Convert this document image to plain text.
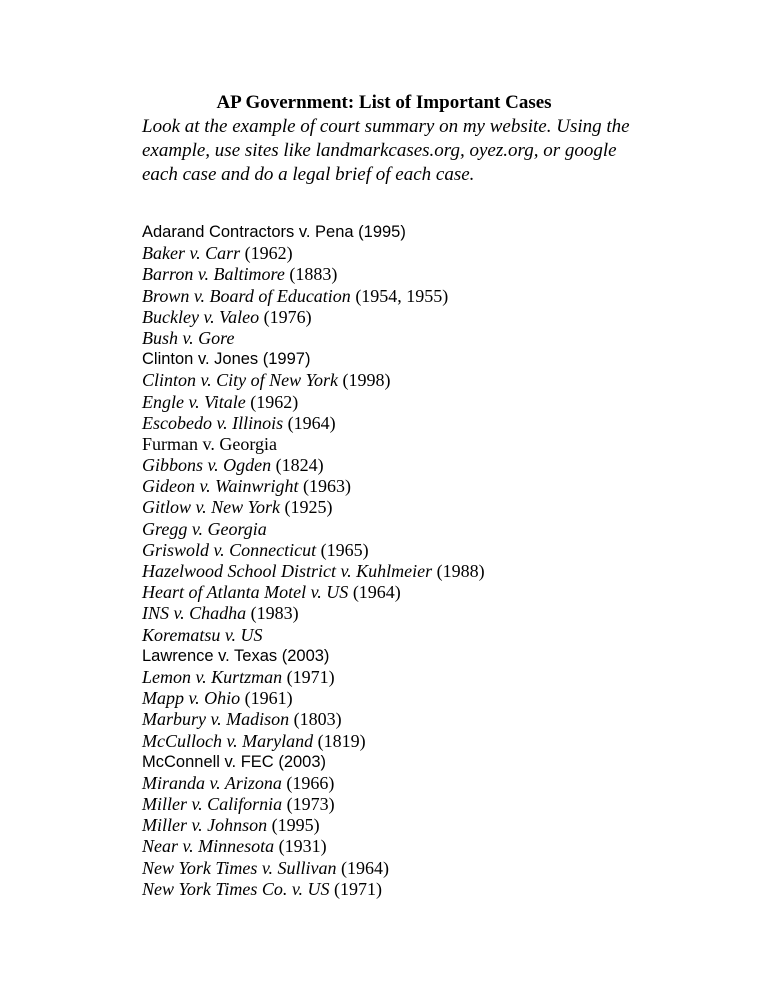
AP Government: List of Important Cases

Look at the example of court summary on my website. Using the example, use sites like landmarkcases.org, oyez.org, or google each case and do a legal brief of each case.

Adarand Contractors v. Pena (1995)
Baker v. Carr (1962)
Barron v. Baltimore (1883)
Brown v. Board of Education (1954, 1955)
Buckley v. Valeo (1976)
Bush v. Gore
Clinton v. Jones (1997)
Clinton v. City of New York (1998)
Engle v. Vitale (1962)
Escobedo v. Illinois (1964)
Furman v. Georgia
Gibbons v. Ogden (1824)
Gideon v. Wainwright (1963)
Gitlow v. New York (1925)
Gregg v. Georgia
Griswold v. Connecticut (1965)
Hazelwood School District v. Kuhlmeier (1988)
Heart of Atlanta Motel v. US (1964)
INS v. Chadha (1983)
Korematsu v. US
Lawrence v. Texas (2003)
Lemon v. Kurtzman (1971)
Mapp v. Ohio (1961)
Marbury v. Madison (1803)
McCulloch v. Maryland (1819)
McConnell v. FEC (2003)
Miranda v. Arizona (1966)
Miller v. California (1973)
Miller v. Johnson (1995)
Near v. Minnesota (1931)
New York Times v. Sullivan (1964)
New York Times Co. v. US (1971)
